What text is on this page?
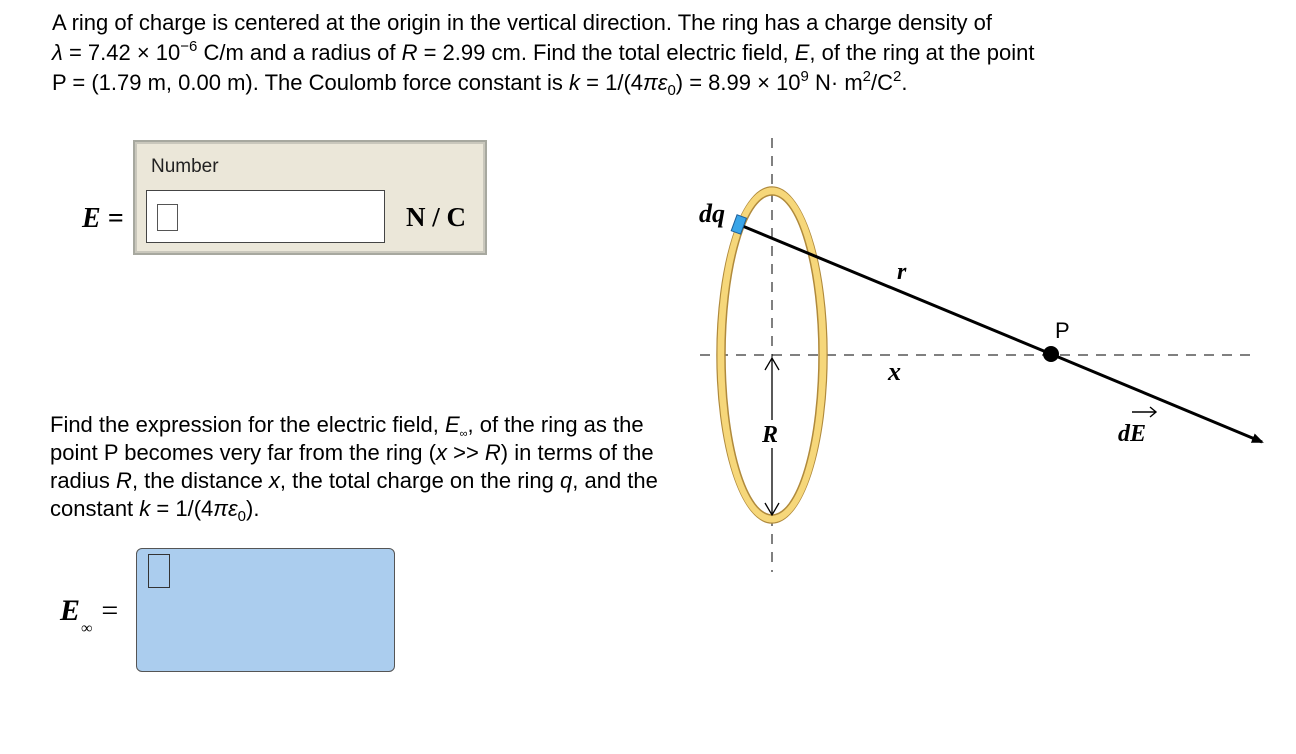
A ring of charge is centered at the origin in the vertical direction. The ring has a charge density of
$\lambda = 7.42 \times 10^{-6}$ C/m and a radius of R = 2.99 cm. Find the total electric field, E, of the ring at the point
P = (1.79 m, 0.00 m). The Coulomb force constant is $k = 1/(4\pi\varepsilon_0) = 8.99 \times 10^9$ $N\cdot m^2/C^2$.
E =
Number
N / C
Find the expression for the electric field, $E_\infty$, of the ring as the point P becomes very far from the ring (x >> R) in terms of the radius R, the distance x, the total charge on the ring q, and the constant $k = 1/(4\pi\varepsilon_0)$.
$E_\infty=$
R
dq
r
x
P
dE
